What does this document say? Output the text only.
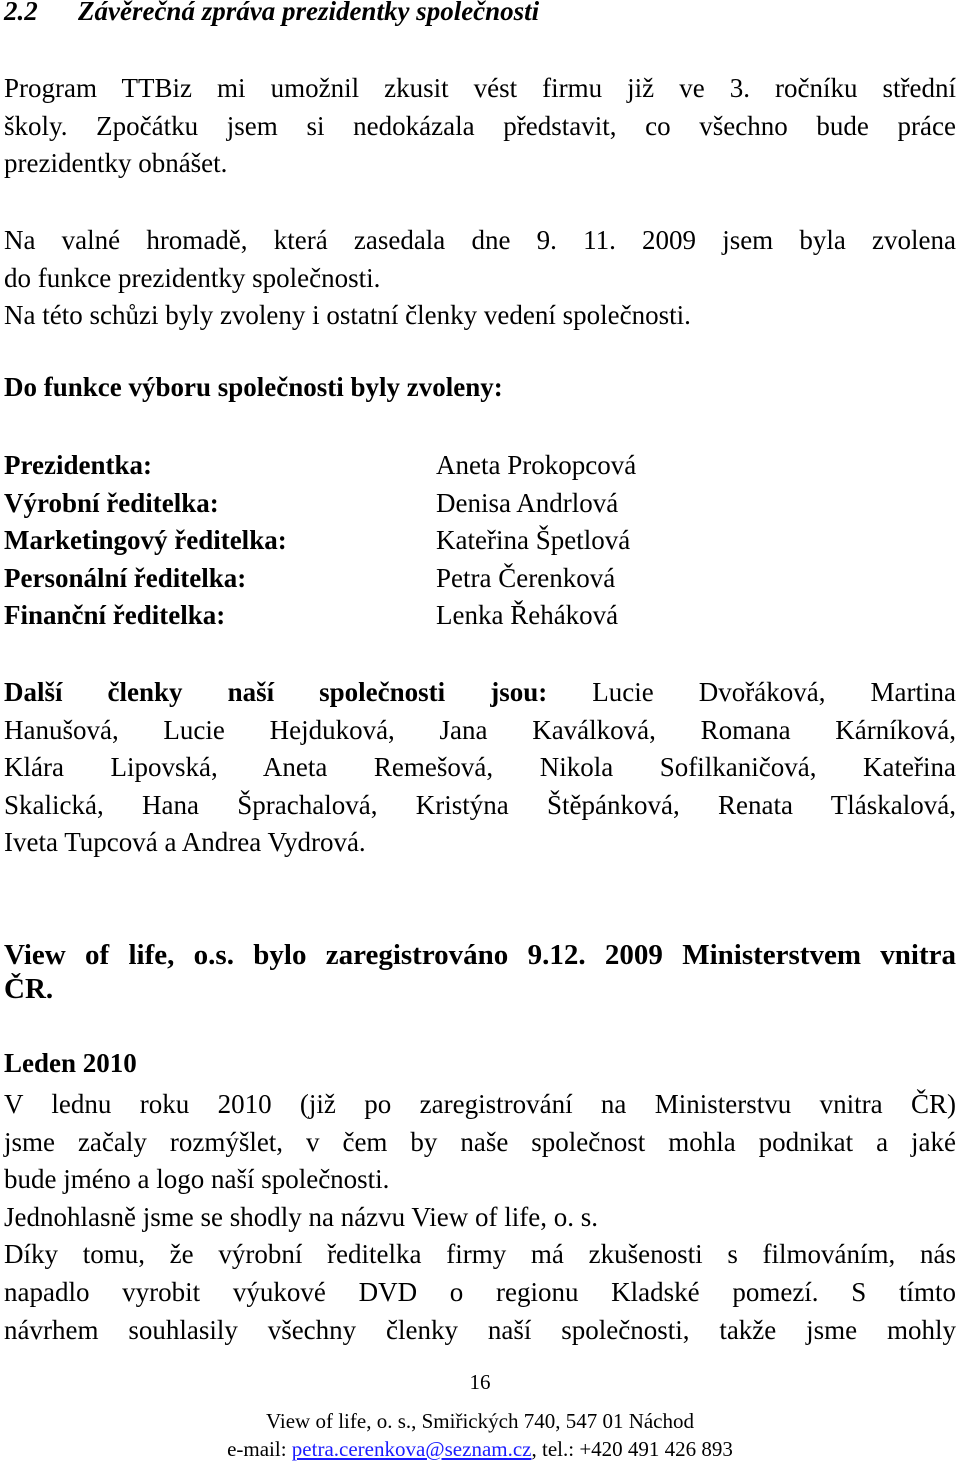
2.2 Závěrečná zpráva prezidentky společnosti
Program TTBiz mi umožnil zkusit vést firmu již ve 3. ročníku střední
školy. Zpočátku jsem si nedokázala představit, co všechno bude práce
prezidentky obnášet.
Na valné hromadě, která zasedala dne 9. 11. 2009 jsem byla zvolena
do funkce prezidentky společnosti.
Na této schůzi byly zvoleny i ostatní členky vedení společnosti.
Do funkce výboru společnosti byly zvoleny:
Prezidentka:	Aneta Prokopcová
Výrobní ředitelka:	Denisa Andrlová
Marketingový ředitelka:	Kateřina Špetlová
Personální ředitelka:	Petra Čerenková
Finanční ředitelka:	Lenka Řeháková
Další členky naší společnosti jsou: Lucie Dvořáková, Martina
Hanušová, Lucie Hejduková, Jana Kaválková, Romana Kárníková,
Klára Lipovská, Aneta Remešová, Nikola Sofilkaničová, Kateřina
Skalická, Hana Šprachalová, Kristýna Štěpánková, Renata Tláskalová,
Iveta Tupcová a Andrea Vydrová.
View of life, o.s. bylo zaregistrováno 9.12. 2009 Ministerstvem vnitra
ČR.
Leden 2010
V lednu roku 2010 (již po zaregistrování na Ministerstvu vnitra ČR)
jsme začaly rozmýšlet, v čem by naše společnost mohla podnikat a jaké
bude jméno a logo naší společnosti.
Jednohlasně jsme se shodly na názvu View of life, o. s.
Díky tomu, že výrobní ředitelka firmy má zkušenosti s filmováním, nás
napadlo vyrobit výukové DVD o regionu Kladské pomezí. S tímto
návrhem souhlasily všechny členky naší společnosti, takže jsme mohly
16
View of life, o. s., Smiřických 740, 547 01 Náchod
e-mail: petra.cerenkova@seznam.cz, tel.: +420 491 426 893
